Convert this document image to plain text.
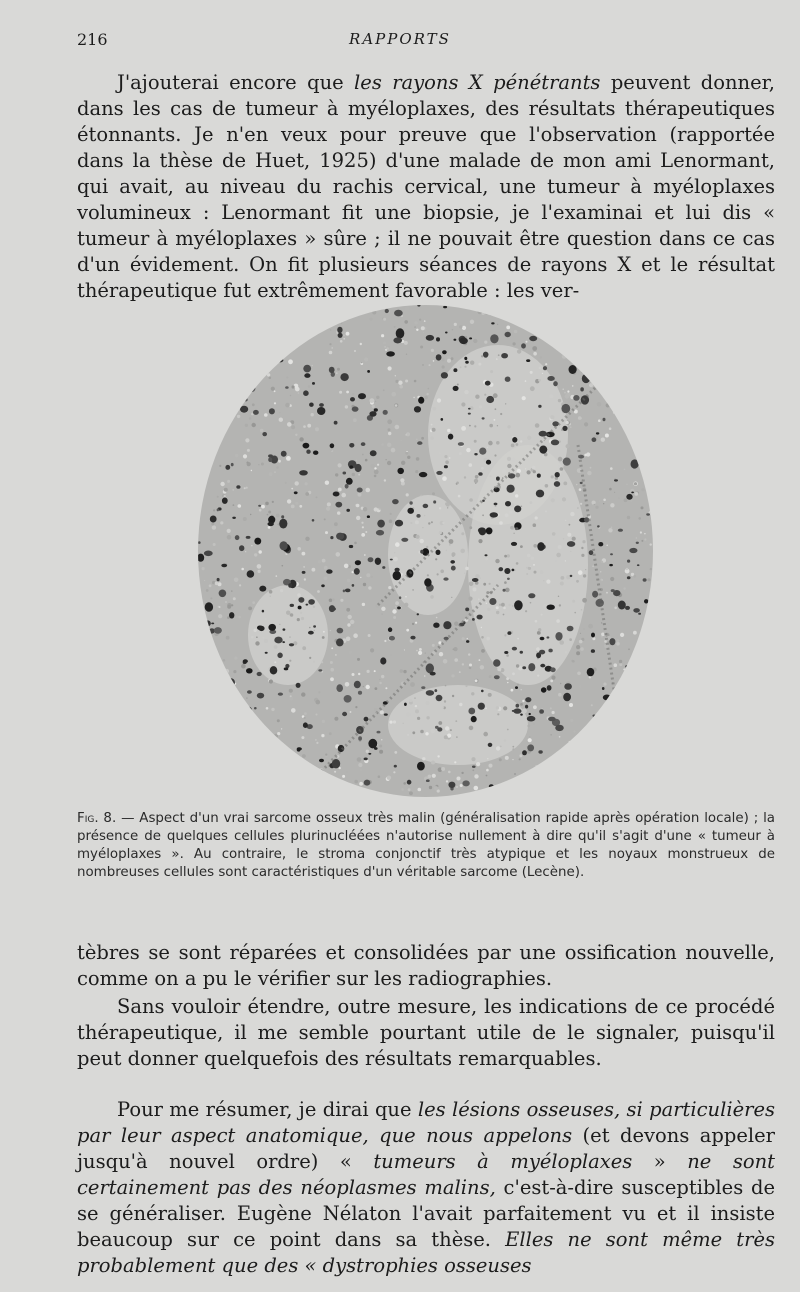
216	RAPPORTS

J'ajouterai encore que les rayons X pénétrants peuvent donner, dans les cas de tumeur à myéloplaxes, des résultats thérapeutiques étonnants. Je n'en veux pour preuve que l'observation (rapportée dans la thèse de Huet, 1925) d'une malade de mon ami Lenormant, qui avait, au niveau du rachis cervical, une tumeur à myéloplaxes volumineux : Lenormant fit une biopsie, je l'examinai et lui dis « tumeur à myéloplaxes » sûre ; il ne pouvait être question dans ce cas d'un évidement. On fit plusieurs séances de rayons X et le résultat thérapeutique fut extrêmement favorable : les ver-

Fig. 8. — Aspect d'un vrai sarcome osseux très malin (généralisation rapide après opération locale) ; la présence de quelques cellules plurinucléées n'autorise nullement à dire qu'il s'agit d'une « tumeur à myéloplaxes ». Au contraire, le stroma conjonctif très atypique et les noyaux monstrueux de nombreuses cellules sont caractéristiques d'un véritable sarcome (Lecène).

tèbres se sont réparées et consolidées par une ossification nouvelle, comme on a pu le vérifier sur les radiographies.

Sans vouloir étendre, outre mesure, les indications de ce procédé thérapeutique, il me semble pourtant utile de le signaler, puisqu'il peut donner quelquefois des résultats remarquables.

Pour me résumer, je dirai que les lésions osseuses, si particulières par leur aspect anatomique, que nous appelons (et devons appeler jusqu'à nouvel ordre) « tumeurs à myéloplaxes » ne sont certainement pas des néoplasmes malins, c'est-à-dire susceptibles de se généraliser. Eugène Nélaton l'avait parfaitement vu et il insiste beaucoup sur ce point dans sa thèse. Elles ne sont même très probablement que des « dystrophies osseuses
